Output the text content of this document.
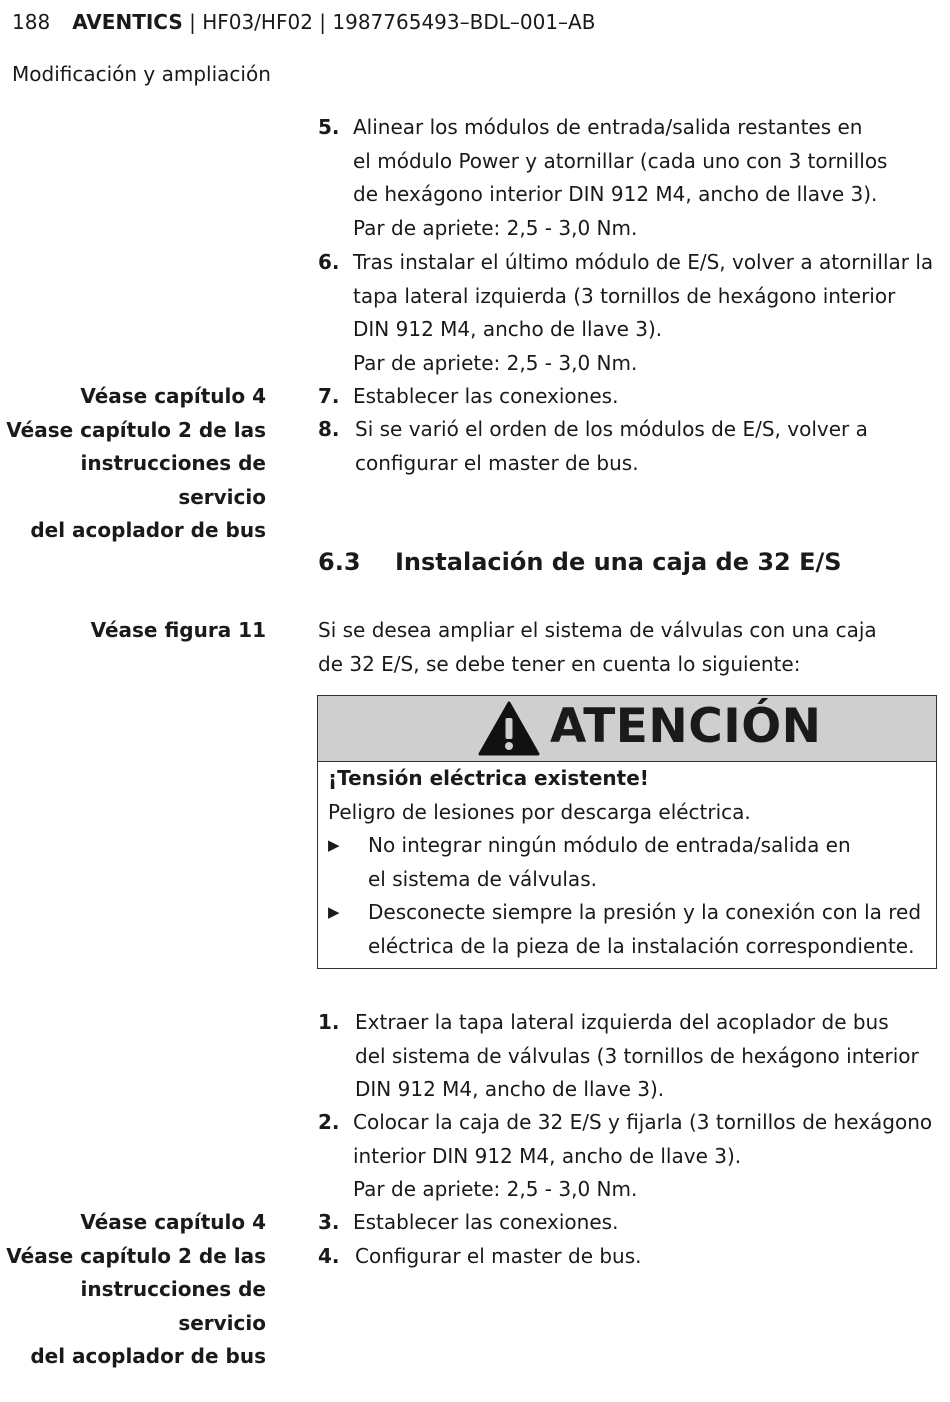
188 AVENTICS | HF03/HF02 | 1987765493–BDL–001–AB
Modificación y ampliación
Véase capítulo 4
Véase capítulo 2 de las
instrucciones de servicio
del acoplador de bus
5. Alinear los módulos de entrada/salida restantes en
el módulo Power y atornillar (cada uno con 3 tornillos
de hexágono interior DIN 912 M4, ancho de llave 3).
Par de apriete: 2,5 - 3,0 Nm.
6. Tras instalar el último módulo de E/S, volver a atornillar la
tapa lateral izquierda (3 tornillos de hexágono interior
DIN 912 M4, ancho de llave 3).
Par de apriete: 2,5 - 3,0 Nm.
7. Establecer las conexiones.
8. Si se varió el orden de los módulos de E/S, volver a
configurar el master de bus.
6.3 Instalación de una caja de 32 E/S
Véase figura 11	Si se desea ampliar el sistema de válvulas con una caja
de 32 E/S, se debe tener en cuenta lo siguiente:
ATENCIÓN
¡Tensión eléctrica existente!
Peligro de lesiones por descarga eléctrica.
▶ No integrar ningún módulo de entrada/salida en
el sistema de válvulas.
▶ Desconecte siempre la presión y la conexión con la red
eléctrica de la pieza de la instalación correspondiente.
1. Extraer la tapa lateral izquierda del acoplador de bus
del sistema de válvulas (3 tornillos de hexágono interior
DIN 912 M4, ancho de llave 3).
2. Colocar la caja de 32 E/S y fijarla (3 tornillos de hexágono
interior DIN 912 M4, ancho de llave 3).
Par de apriete: 2,5 - 3,0 Nm.
3. Establecer las conexiones.
4. Configurar el master de bus.
Véase capítulo 4
Véase capítulo 2 de las
instrucciones de servicio
del acoplador de bus
